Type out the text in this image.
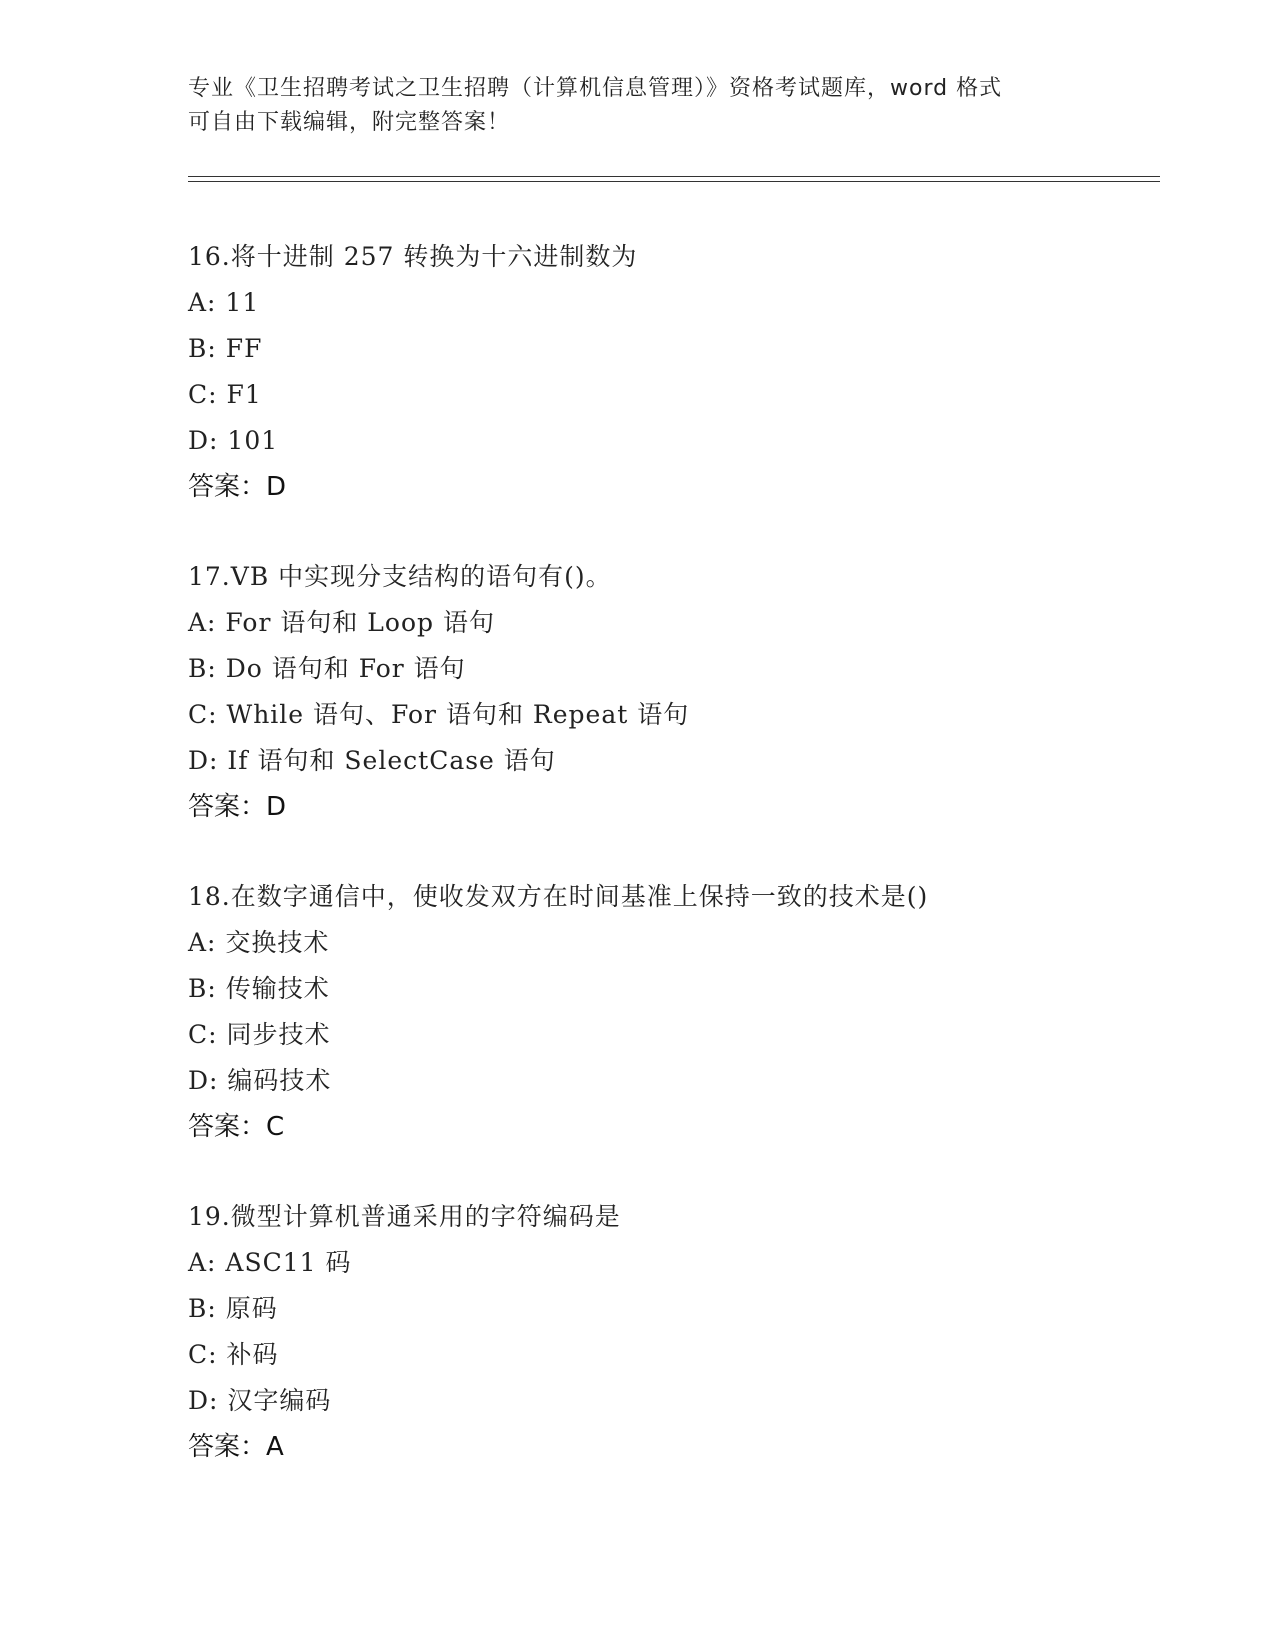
专业《卫生招聘考试之卫生招聘（计算机信息管理）》资格考试题库，word 格式
可自由下载编辑，附完整答案！
16.将十进制 257 转换为十六进制数为
A: 11
B: FF
C: F1
D: 101
答案：D
17.VB 中实现分支结构的语句有()。
A: For 语句和 Loop 语句
B: Do 语句和 For 语句
C: While 语句、For 语句和 Repeat 语句
D: If 语句和 SelectCase 语句
答案：D
18.在数字通信中，使收发双方在时间基准上保持一致的技术是()
A: 交换技术
B: 传输技术
C: 同步技术
D: 编码技术
答案：C
19.微型计算机普通采用的字符编码是
A: ASC11 码
B: 原码
C: 补码
D: 汉字编码
答案：A
